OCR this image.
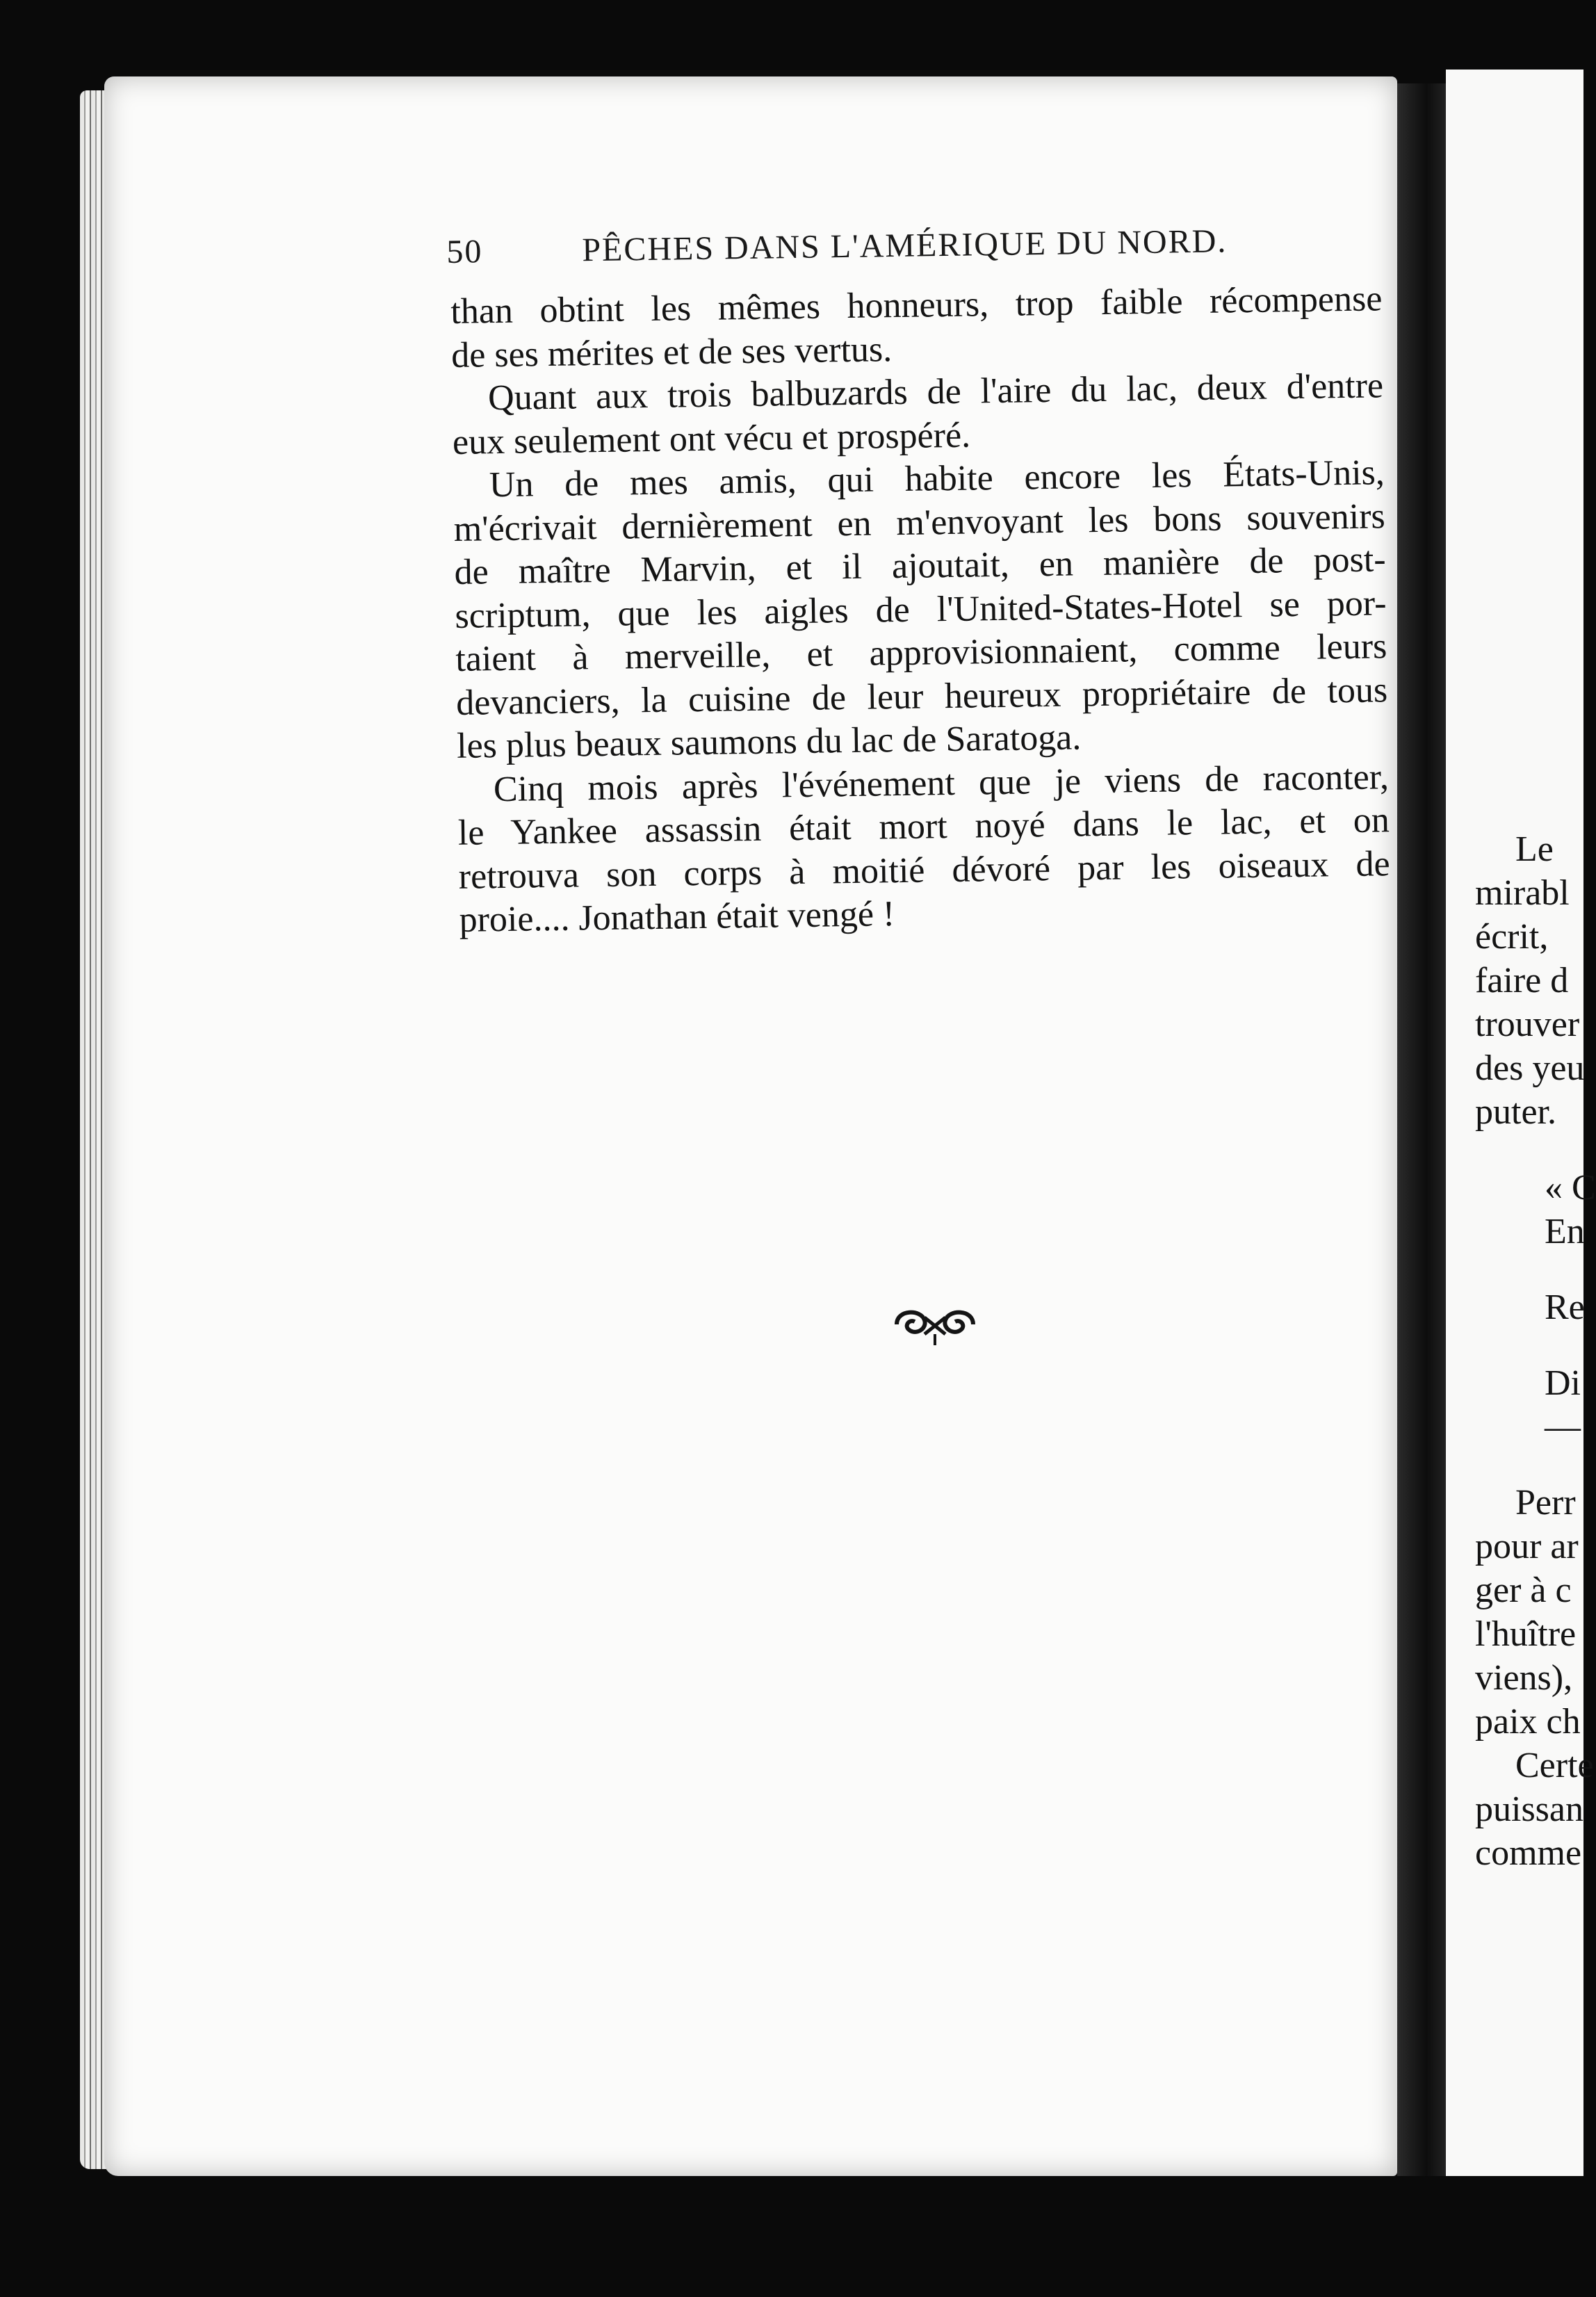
50	PÊCHES DANS L'AMÉRIQUE DU NORD.
than obtint les mêmes honneurs, trop faible récompense
de ses mérites et de ses vertus.
Quant aux trois balbuzards de l'aire du lac, deux d'entre
eux seulement ont vécu et prospéré.
Un de mes amis, qui habite encore les États-Unis,
m'écrivait dernièrement en m'envoyant les bons souvenirs
de maître Marvin, et il ajoutait, en manière de post-
scriptum, que les aigles de l'United-States-Hotel se por-
taient à merveille, et approvisionnaient, comme leurs
devanciers, la cuisine de leur heureux propriétaire de tous
les plus beaux saumons du lac de Saratoga.
Cinq mois après l'événement que je viens de raconter,
le Yankee assassin était mort noyé dans le lac, et on
retrouva son corps à moitié dévoré par les oiseaux de
proie.... Jonathan était vengé !
Le
mirabl
écrit,
faire d
trouver
des yeu
puter.
« C
En
Re
Di
—
Perr
pour ar
ger à c
l'huître
viens),
paix ch
Certe
puissan
comme
